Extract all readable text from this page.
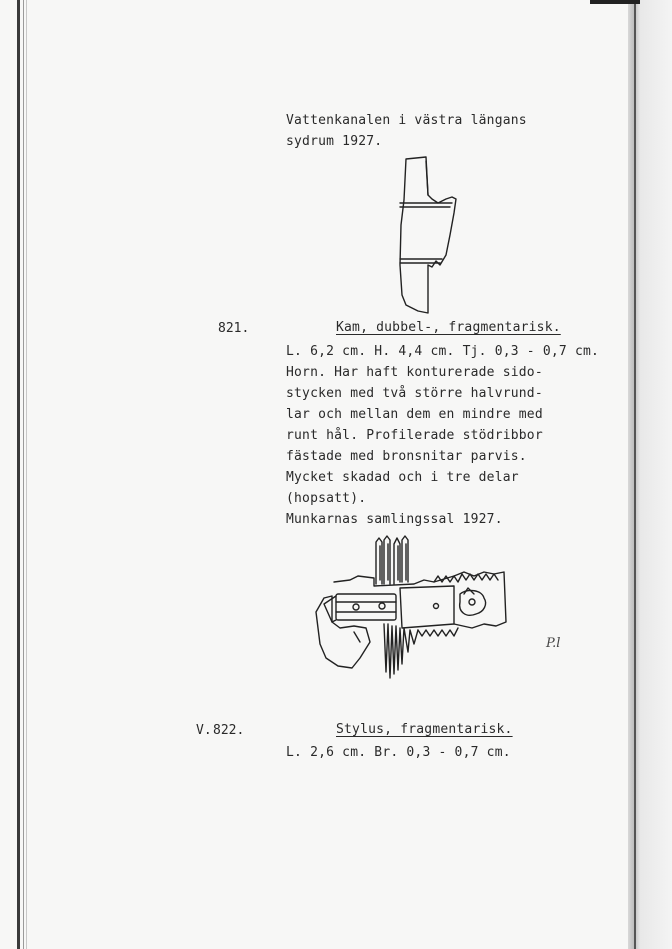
Vattenkanalen i västra längans
sydrum 1927.
821.	Kam, dubbel-, fragmentarisk.
L. 6,2 cm. H. 4,4 cm. Tj. 0,3 - 0,7 cm.
Horn. Har haft konturerade sido-
stycken med två större halvrund-
lar och mellan dem en mindre med
runt hål. Profilerade stödribbor
fästade med bronsnitar parvis.
Mycket skadad och i tre delar
(hopsatt).
Munkarnas samlingssal 1927.
P.l
V. 822.	Stylus, fragmentarisk.
L. 2,6 cm. Br. 0,3 - 0,7 cm.
